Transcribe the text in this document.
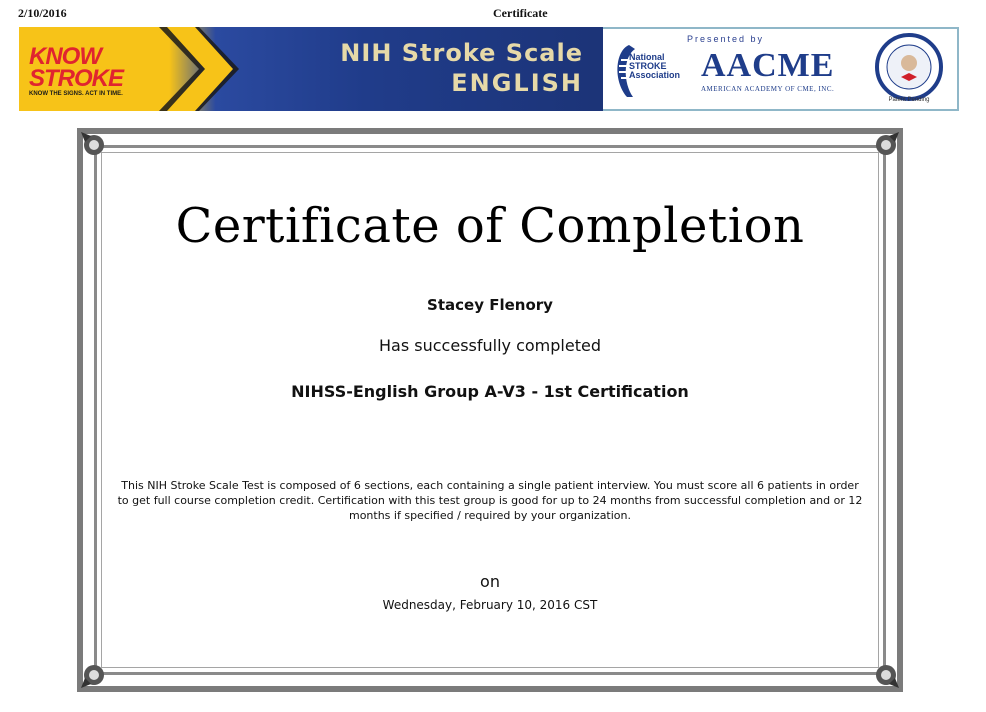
2/10/2016	Certificate
KNOW
STROKE
KNOW THE SIGNS. ACT IN TIME.
NIH Stroke Scale
ENGLISH
National
STROKE
Association
Presented by
AACME
AMERICAN ACADEMY OF CME, INC.
Patent Pending
Certificate of Completion
Stacey Flenory
Has successfully completed
NIHSS-English Group A-V3 - 1st Certification
This NIH Stroke Scale Test is composed of 6 sections, each containing a single patient interview. You must score all 6 patients in order to get full course completion credit. Certification with this test group is good for up to 24 months from successful completion and or 12 months if specified / required by your organization.
on
Wednesday, February 10, 2016 CST
